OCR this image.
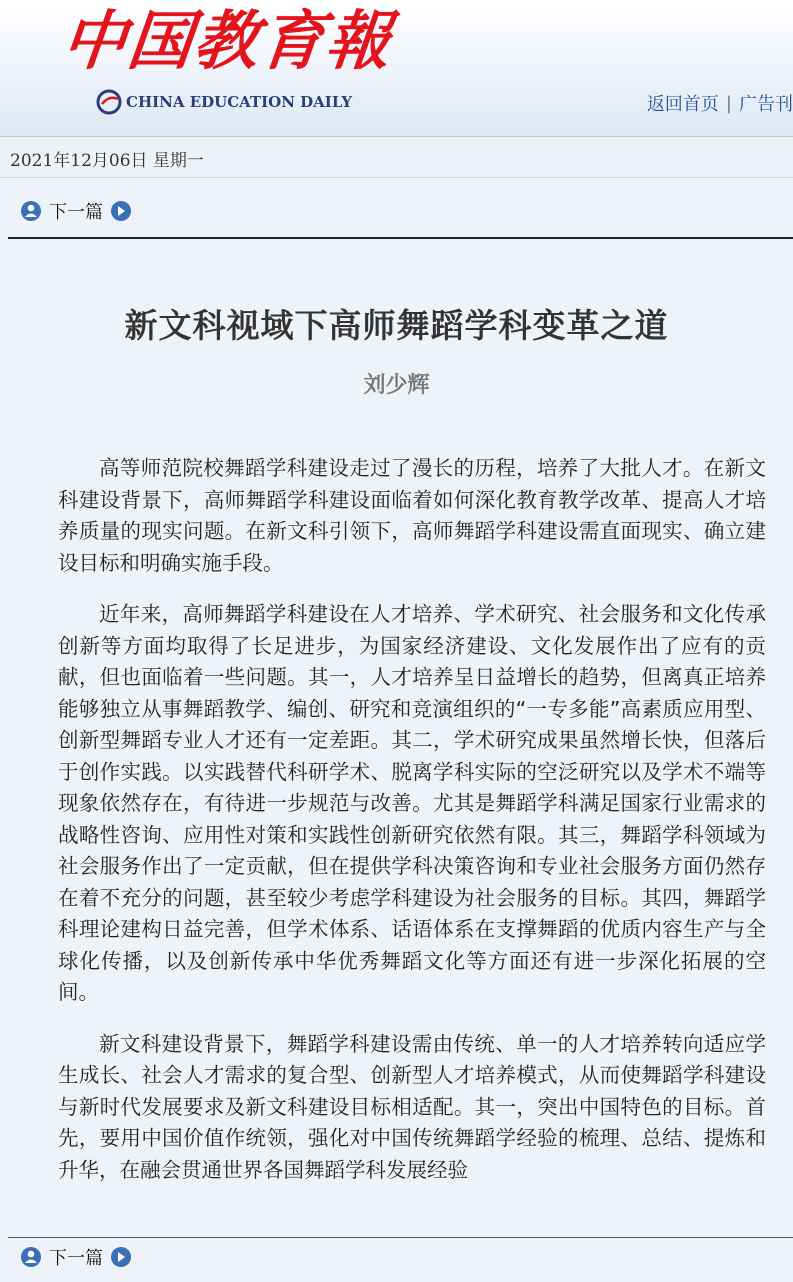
中国教育報
CHINA EDUCATION DAILY	返回首页 | 广告刊
2021年12月06日 星期一
下一篇
新文科视域下高师舞蹈学科变革之道
刘少辉

高等师范院校舞蹈学科建设走过了漫长的历程，培养了大批人才。在新文科建设背景下，高师舞蹈学科建设面临着如何深化教育教学改革、提高人才培养质量的现实问题。在新文科引领下，高师舞蹈学科建设需直面现实、确立建设目标和明确实施手段。

近年来，高师舞蹈学科建设在人才培养、学术研究、社会服务和文化传承创新等方面均取得了长足进步，为国家经济建设、文化发展作出了应有的贡献，但也面临着一些问题。其一，人才培养呈日益增长的趋势，但离真正培养能够独立从事舞蹈教学、编创、研究和竞演组织的“一专多能”高素质应用型、创新型舞蹈专业人才还有一定差距。其二，学术研究成果虽然增长快，但落后于创作实践。以实践替代科研学术、脱离学科实际的空泛研究以及学术不端等现象依然存在，有待进一步规范与改善。尤其是舞蹈学科满足国家行业需求的战略性咨询、应用性对策和实践性创新研究依然有限。其三，舞蹈学科领域为社会服务作出了一定贡献，但在提供学科决策咨询和专业社会服务方面仍然存在着不充分的问题，甚至较少考虑学科建设为社会服务的目标。其四，舞蹈学科理论建构日益完善，但学术体系、话语体系在支撑舞蹈的优质内容生产与全球化传播，以及创新传承中华优秀舞蹈文化等方面还有进一步深化拓展的空间。

新文科建设背景下，舞蹈学科建设需由传统、单一的人才培养转向适应学生成长、社会人才需求的复合型、创新型人才培养模式，从而使舞蹈学科建设与新时代发展要求及新文科建设目标相适配。其一，突出中国特色的目标。首先，要用中国价值作统领，强化对中国传统舞蹈学经验的梳理、总结、提炼和升华，在融会贯通世界各国舞蹈学科发展经验

下一篇
